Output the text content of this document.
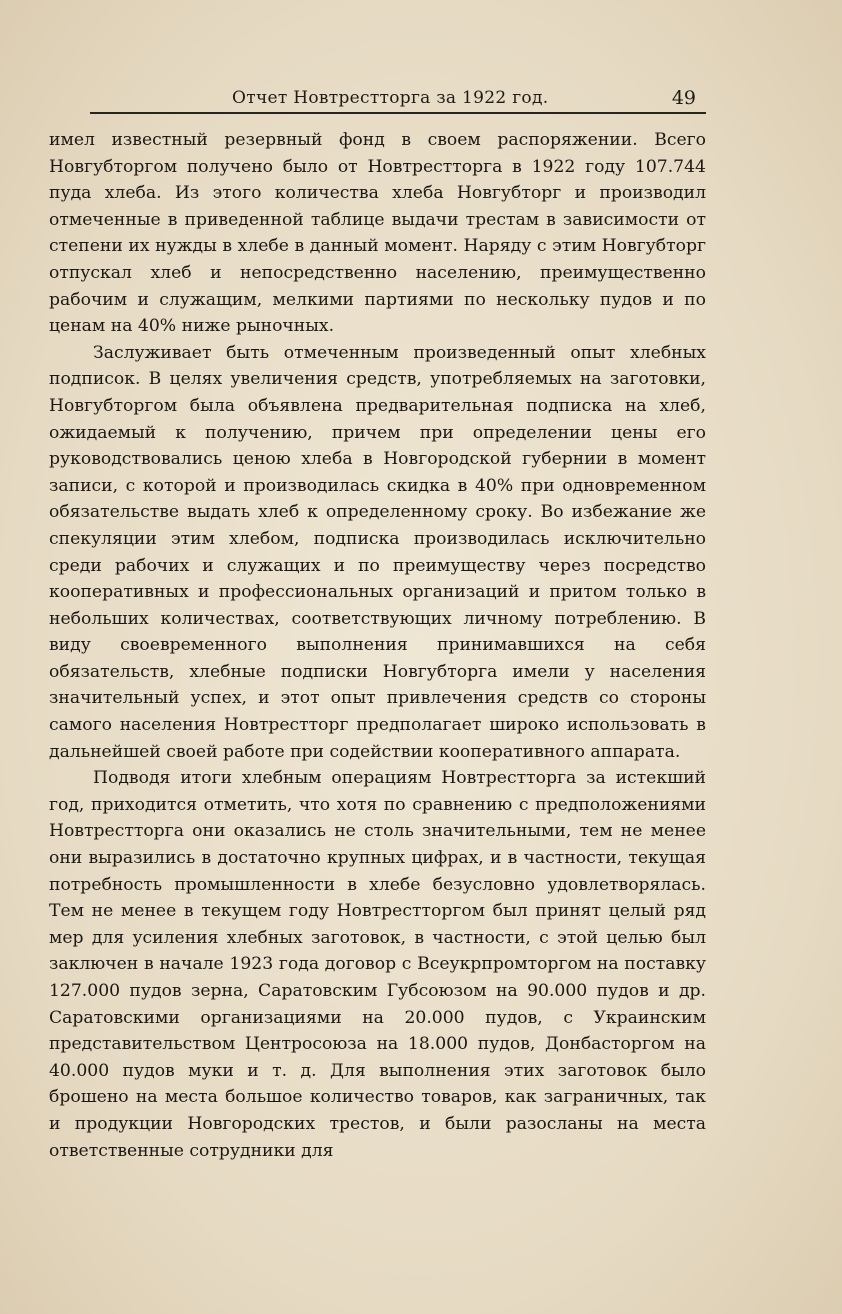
Отчет Новтрестторга за 1922 год.	49

имел известный резервный фонд в своем распоряжении. Всего Новгубторгом получено было от Новтрестторга в 1922 году 107.744 пуда хлеба. Из этого количества хлеба Новгубторг и производил отмеченные в приведенной таблице выдачи трестам в зависимости от степени их нужды в хлебе в данный момент. Наряду с этим Новгубторг отпускал хлеб и непосредственно населению, преимущественно рабочим и служащим, мелкими партиями по нескольку пудов и по ценам на 40% ниже рыночных.

Заслуживает быть отмеченным произведенный опыт хлебных подписок. В целях увеличения средств, употребляемых на заготовки, Новгубторгом была объявлена предварительная подписка на хлеб, ожидаемый к получению, причем при определении цены его руководствовались ценою хлеба в Новгородской губернии в момент записи, с которой и производилась скидка в 40% при одновременном обязательстве выдать хлеб к определенному сроку. Во избежание же спекуляции этим хлебом, подписка производилась исключительно среди рабочих и служащих и по преимуществу через посредство кооперативных и профессиональных организаций и притом только в небольших количествах, соответствующих личному потреблению. В виду своевременного выполнения принимавшихся на себя обязательств, хлебные подписки Новгубторга имели у населения значительный успех, и этот опыт привлечения средств со стороны самого населения Новтрестторг предполагает широко использовать в дальнейшей своей работе при содействии кооперативного аппарата.

Подводя итоги хлебным операциям Новтрестторга за истекший год, приходится отметить, что хотя по сравнению с предположениями Новтрестторга они оказались не столь значительными, тем не менее они выразились в достаточно крупных цифрах, и в частности, текущая потребность промышленности в хлебе безусловно удовлетворялась. Тем не менее в текущем году Новтрестторгом был принят целый ряд мер для усиления хлебных заготовок, в частности, с этой целью был заключен в начале 1923 года договор с Всеукрпромторгом на поставку 127.000 пудов зерна, Саратовским Губсоюзом на 90.000 пудов и др. Саратовскими организациями на 20.000 пудов, с Украинским представительством Центросоюза на 18.000 пудов, Донбасторгом на 40.000 пудов муки и т. д. Для выполнения этих заготовок было брошено на места большое количество товаров, как заграничных, так и продукции Новгородских трестов, и были разосланы на места ответственные сотрудники для
